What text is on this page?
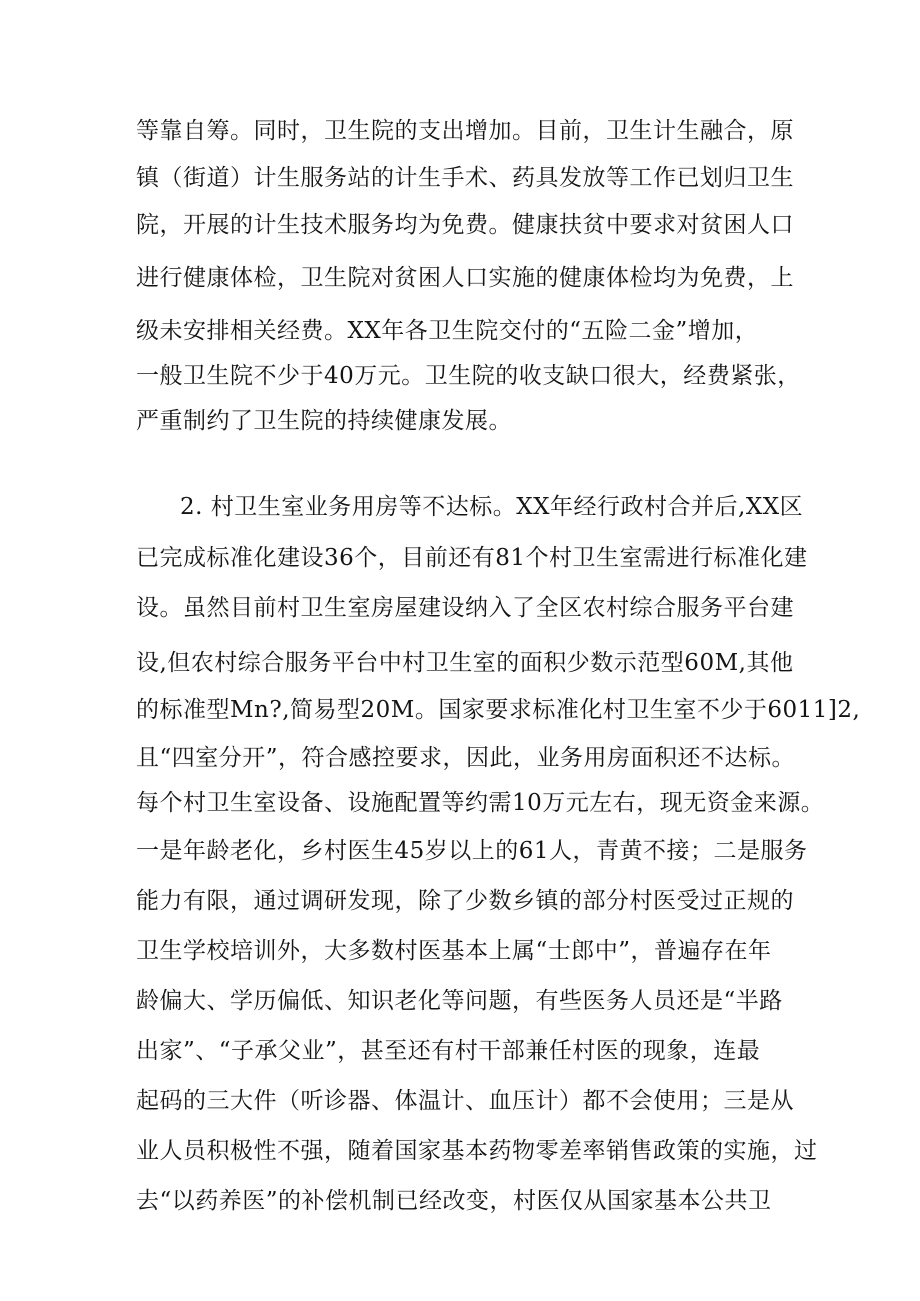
等靠自筹。同时，卫生院的支出增加。目前，卫生计生融合，原
镇（街道）计生服务站的计生手术、药具发放等工作已划归卫生
院，开展的计生技术服务均为免费。健康扶贫中要求对贫困人口
进行健康体检，卫生院对贫困人口实施的健康体检均为免费，上
级未安排相关经费。XX年各卫生院交付的“五险二金”增加，
一般卫生院不少于40万元。卫生院的收支缺口很大，经费紧张，
严重制约了卫生院的持续健康发展。
2. 村卫生室业务用房等不达标。XX年经行政村合并后,XX区
已完成标准化建设36个，目前还有81个村卫生室需进行标准化建
设。虽然目前村卫生室房屋建设纳入了全区农村综合服务平台建
设,但农村综合服务平台中村卫生室的面积少数示范型60M,其他
的标准型Mn?,简易型20M。国家要求标准化村卫生室不少于6011]2,
且“四室分开”，符合感控要求，因此，业务用房面积还不达标。
每个村卫生室设备、设施配置等约需10万元左右，现无资金来源。
一是年龄老化，乡村医生45岁以上的61人，青黄不接；二是服务
能力有限，通过调研发现，除了少数乡镇的部分村医受过正规的
卫生学校培训外，大多数村医基本上属“士郎中”，普遍存在年
龄偏大、学历偏低、知识老化等问题，有些医务人员还是“半路
出家”、“子承父业”，甚至还有村干部兼任村医的现象，连最
起码的三大件（听诊器、体温计、血压计）都不会使用；三是从
业人员积极性不强，随着国家基本药物零差率销售政策的实施，过
去“以药养医”的补偿机制已经改变，村医仅从国家基本公共卫
